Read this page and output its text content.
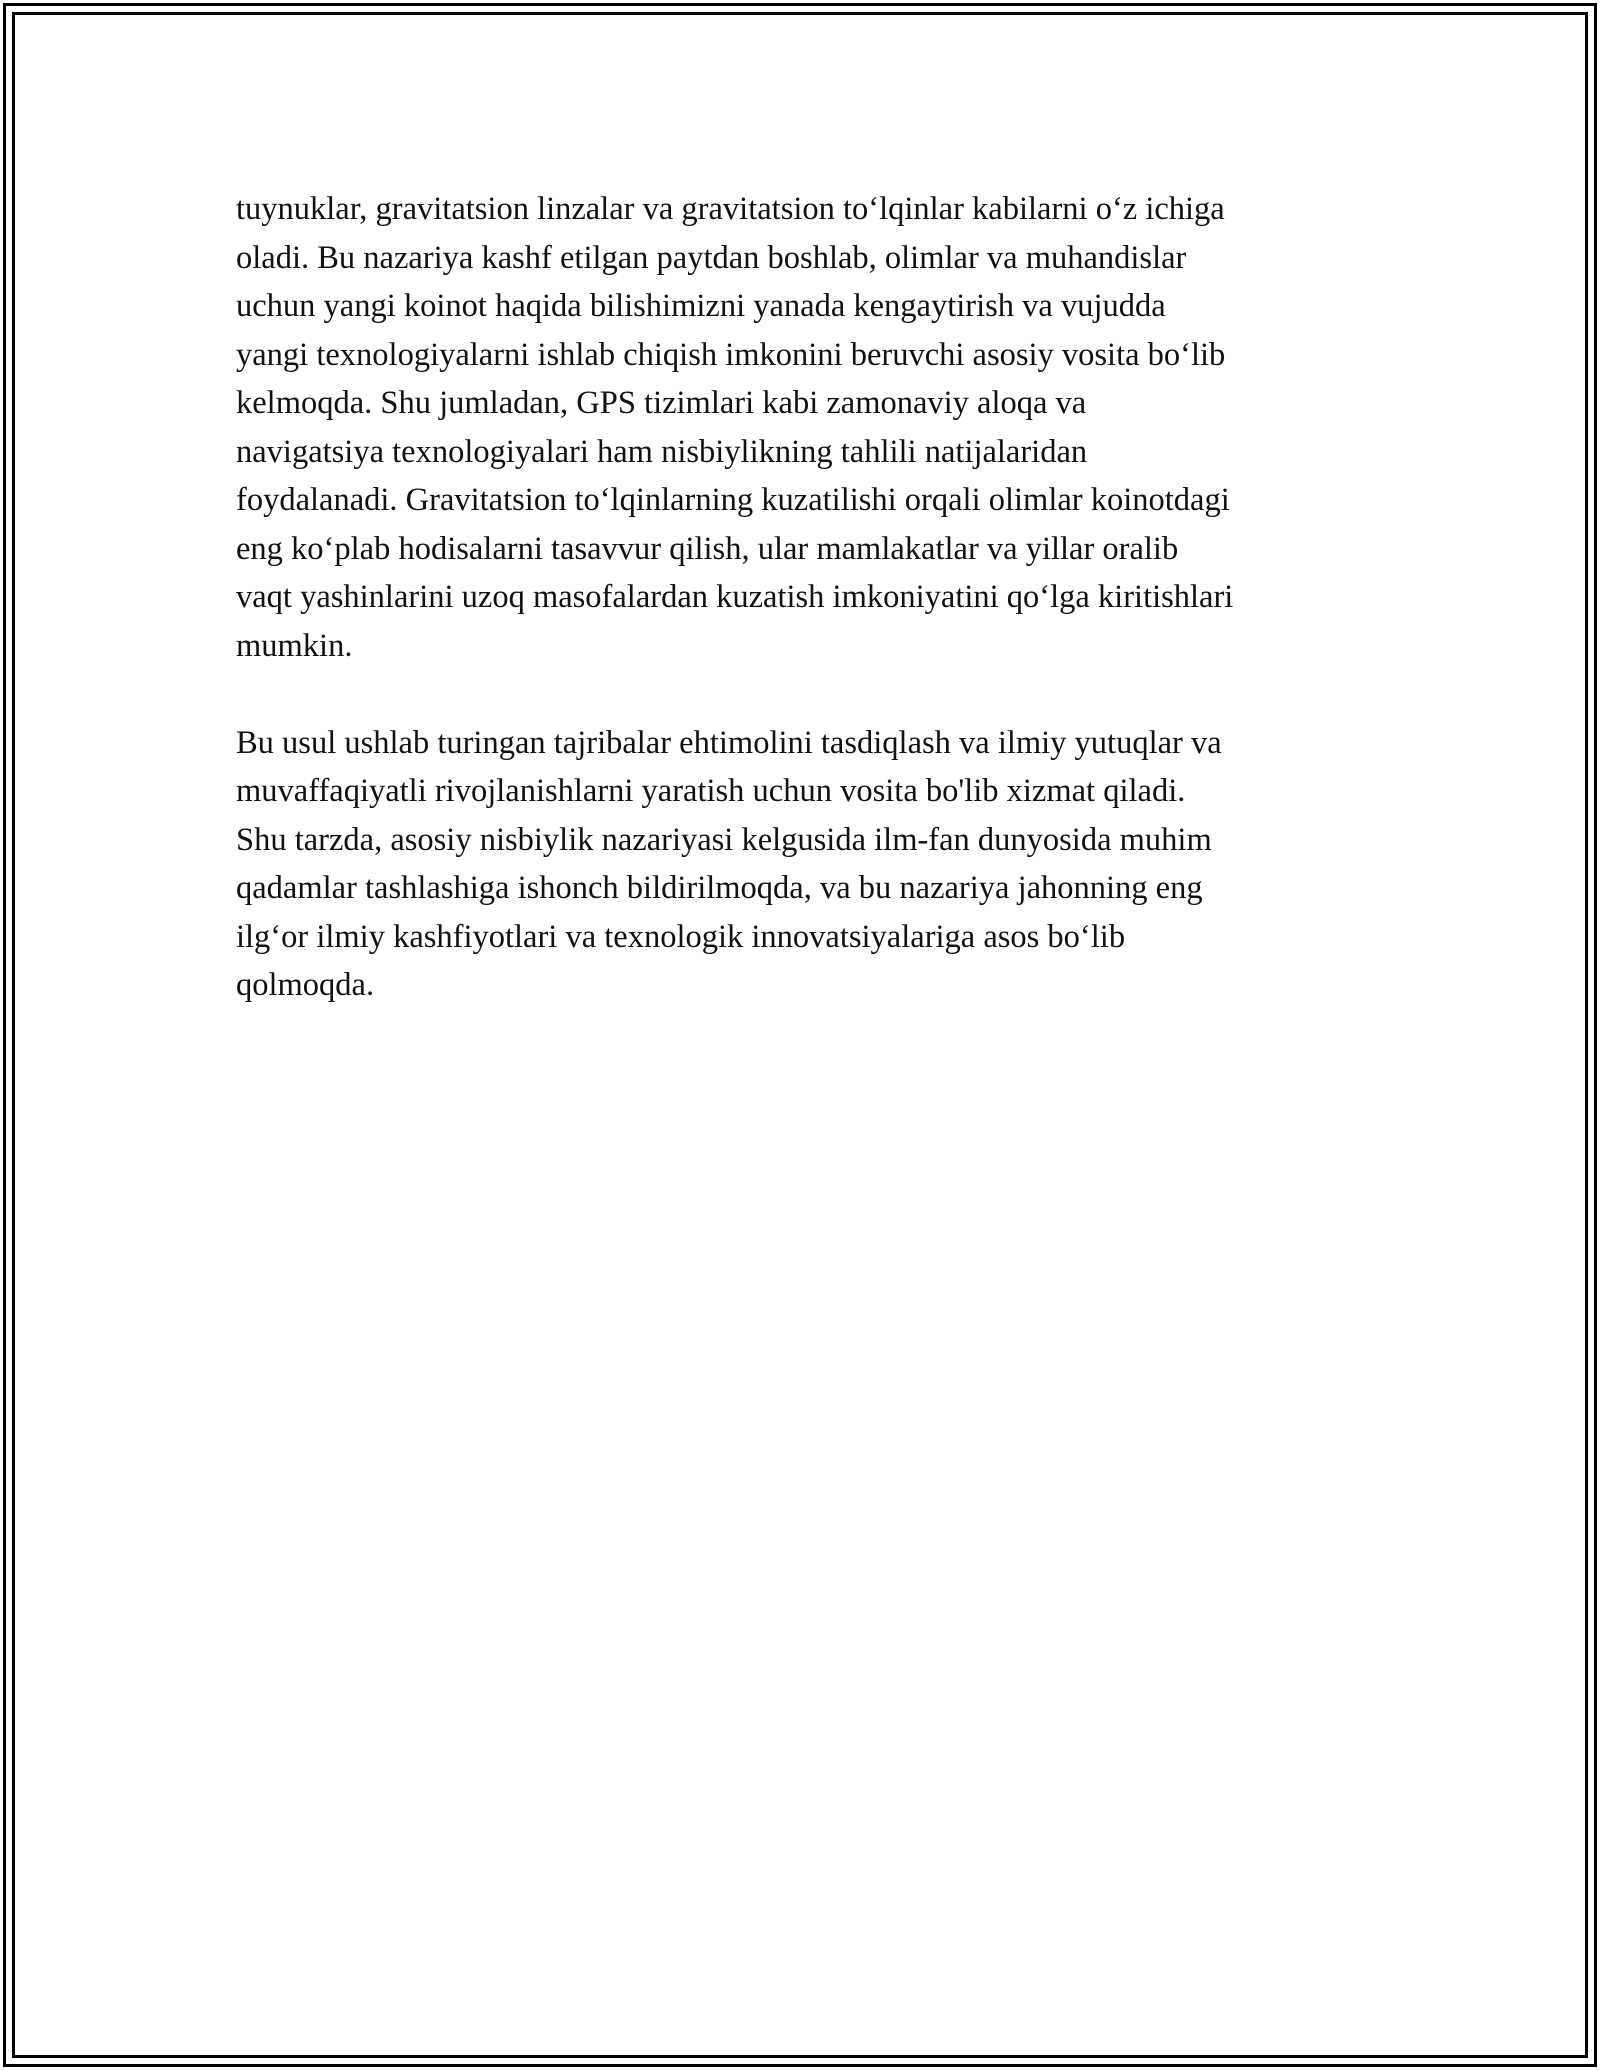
tuynuklar, gravitatsion linzalar va gravitatsion to‘lqinlar kabilarni o‘z ichiga
oladi. Bu nazariya kashf etilgan paytdan boshlab, olimlar va muhandislar
uchun yangi koinot haqida bilishimizni yanada kengaytirish va vujudda
yangi texnologiyalarni ishlab chiqish imkonini beruvchi asosiy vosita bo‘lib
kelmoqda. Shu jumladan, GPS tizimlari kabi zamonaviy aloqa va
navigatsiya texnologiyalari ham nisbiylikning tahlili natijalaridan
foydalanadi. Gravitatsion to‘lqinlarning kuzatilishi orqali olimlar koinotdagi
eng ko‘plab hodisalarni tasavvur qilish, ular mamlakatlar va yillar oralib
vaqt yashinlarini uzoq masofalardan kuzatish imkoniyatini qo‘lga kiritishlari
mumkin.

Bu usul ushlab turingan tajribalar ehtimolini tasdiqlash va ilmiy yutuqlar va
muvaffaqiyatli rivojlanishlarni yaratish uchun vosita bo'lib xizmat qiladi.
Shu tarzda, asosiy nisbiylik nazariyasi kelgusida ilm-fan dunyosida muhim
qadamlar tashlashiga ishonch bildirilmoqda, va bu nazariya jahonning eng
ilg‘or ilmiy kashfiyotlari va texnologik innovatsiyalariga asos bo‘lib
qolmoqda.
